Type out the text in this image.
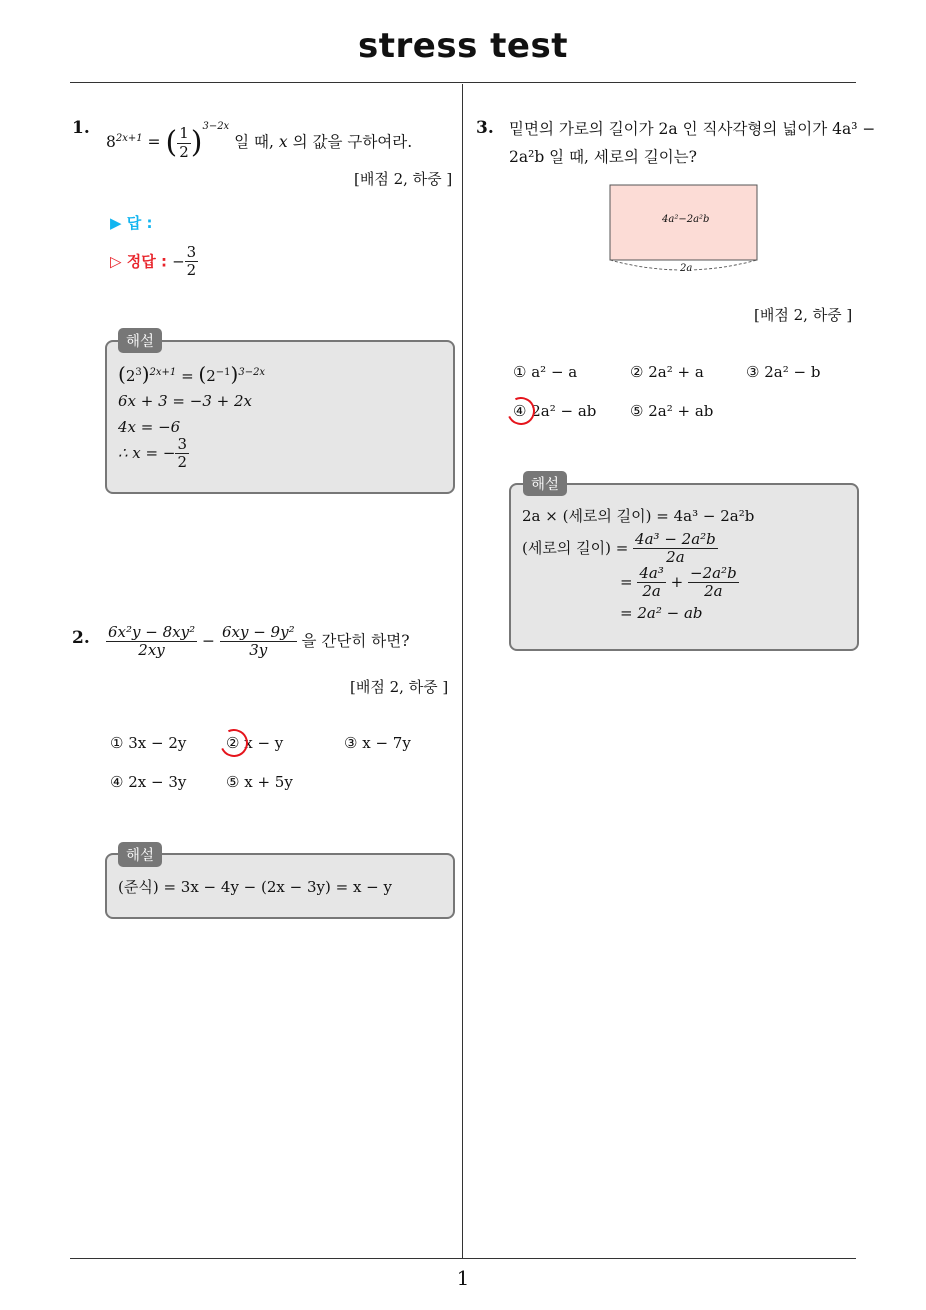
stress test
1
1.
$8^{2x+1}$ = ( $\frac{1}{2} )^{3-2x}$ 일 때, x 의 값을 구하여라.
[배점 2, 하중 ]
▶ 답 :
▷ 정답 : − $\frac{3}{2}$
해설
$(2^3)^{2x+1} = (2^{-1})^{3-2x}$
6x + 3 = −3 + 2x
4x = −6
∴ x = − $\frac{3}{2}$
2. $\frac{\text{6x²y − 8xy²}}{2xy} - \frac{\text{6xy − 9y²}}{3y}$ 을 간단히 하면?
[배점 2, 하중 ]
① 3x − 2y	② x − y	③ x − 7y
④ 2x − 3y	⑤ x + 5y
해설
(준식) = 3x − 4y − (2x − 3y) = x − y
3. 밑면의 가로의 길이가 2a 인 직사각형의 넓이가 4a³ −
2a²b 일 때, 세로의 길이는?
4a²−2a²b
2a
[배점 2, 하중 ]
① a² − a	② 2a² + a	③ 2a² − b
④ 2a² − ab ⑤ 2a² + ab
해설
2a × (세로의 길이) = 4a³ − 2a²b
(세로의 길이) = $\frac{\text{4a³ − 2a²b}}{2a}$
= $\frac{\text{4a³}}{2a} + \frac{\text{−2a²b}}{2a}$
= 2a² − ab
